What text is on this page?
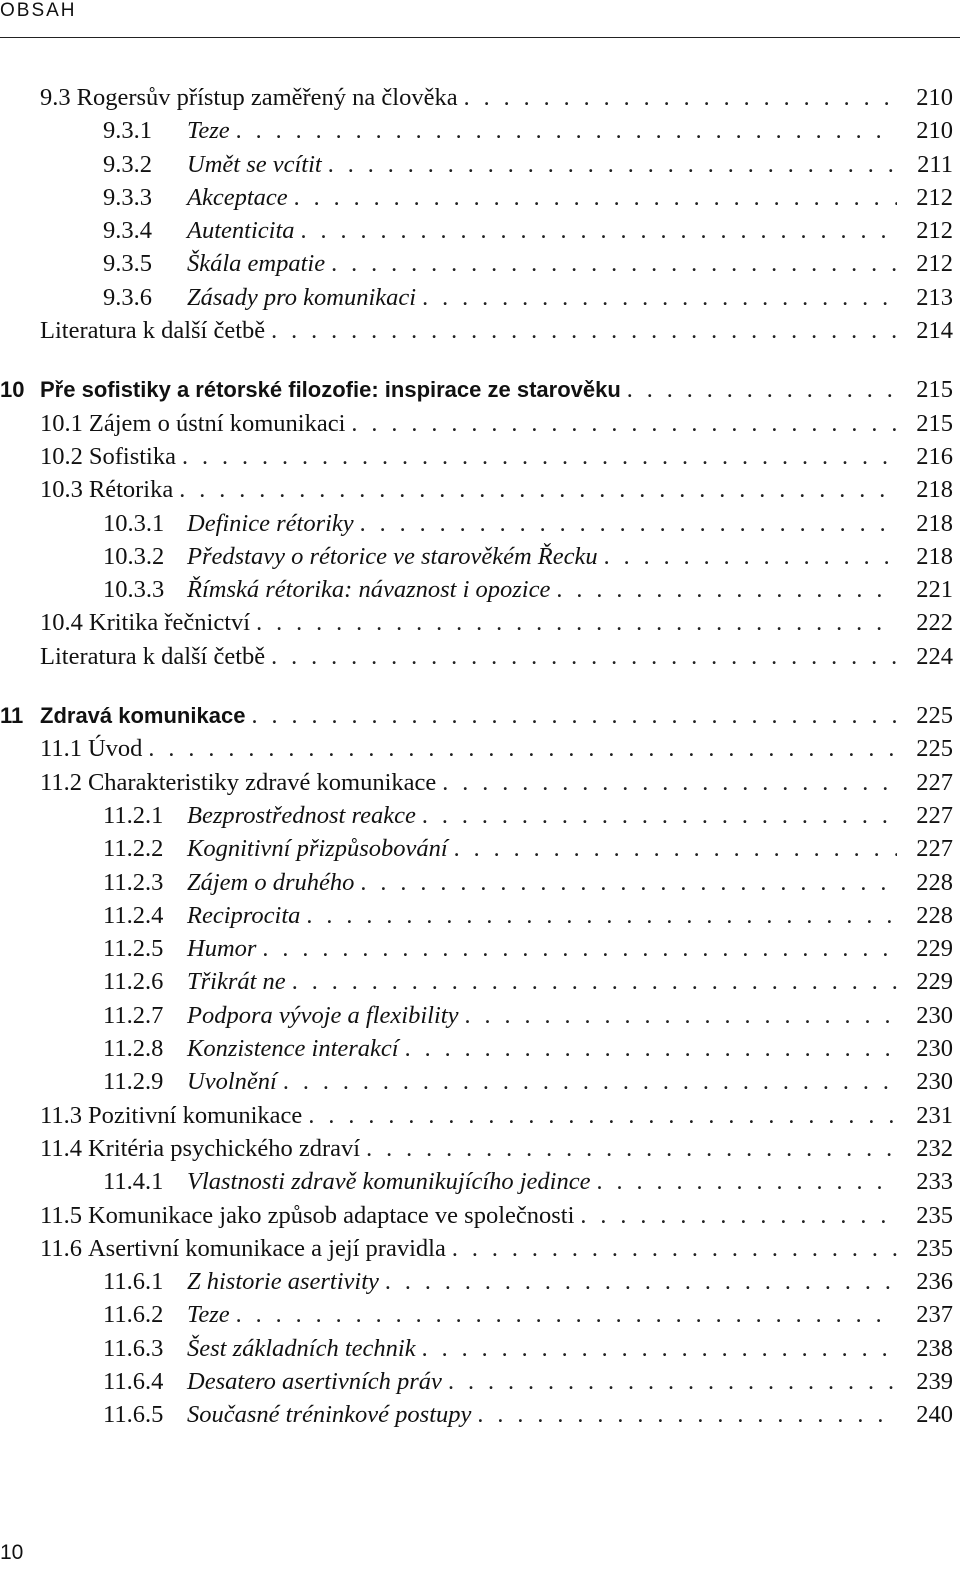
OBSAH
9.3 Rogersův přístup zaměřený na člověka . . .	210
9.3.1	Teze . . .	210
9.3.2	Umět se vcítit . . .	211
9.3.3	Akceptace . . .	212
9.3.4	Autenticita . . .	212
9.3.5	Škála empatie . . .	212
9.3.6	Zásady pro komunikaci . . .	213
Literatura k další četbě . . .	214
10 Pře sofistiky a rétorské filozofie: inspirace ze starověku . . .	215
10.1 Zájem o ústní komunikaci . . .	215
10.2 Sofistika . . .	216
10.3 Rétorika . . .	218
10.3.1 Definice rétoriky . . .	218
10.3.2 Představy o rétorice ve starověkém Řecku . . .	218
10.3.3 Římská rétorika: návaznost i opozice . . .	221
10.4 Kritika řečnictví . . .	222
Literatura k další četbě . . .	224
11 Zdravá komunikace . . .	225
11.1 Úvod . . .	225
11.2 Charakteristiky zdravé komunikace . . .	227
11.2.1 Bezprostřednost reakce . . .	227
11.2.2 Kognitivní přizpůsobování . . .	227
11.2.3 Zájem o druhého . . .	228
11.2.4 Reciprocita . . .	228
11.2.5 Humor . . .	229
11.2.6 Třikrát ne . . .	229
11.2.7 Podpora vývoje a flexibility . . .	230
11.2.8 Konzistence interakcí . . .	230
11.2.9 Uvolnění . . .	230
11.3 Pozitivní komunikace . . .	231
11.4 Kritéria psychického zdraví . . .	232
11.4.1 Vlastnosti zdravě komunikujícího jedince . . .	233
11.5 Komunikace jako způsob adaptace ve společnosti . . .	235
11.6 Asertivní komunikace a její pravidla . . .	235
11.6.1 Z historie asertivity . . .	236
11.6.2 Teze . . .	237
11.6.3 Šest základních technik . . .	238
11.6.4 Desatero asertivních práv . . .	239
11.6.5 Současné tréninkové postupy . . .	240
10
